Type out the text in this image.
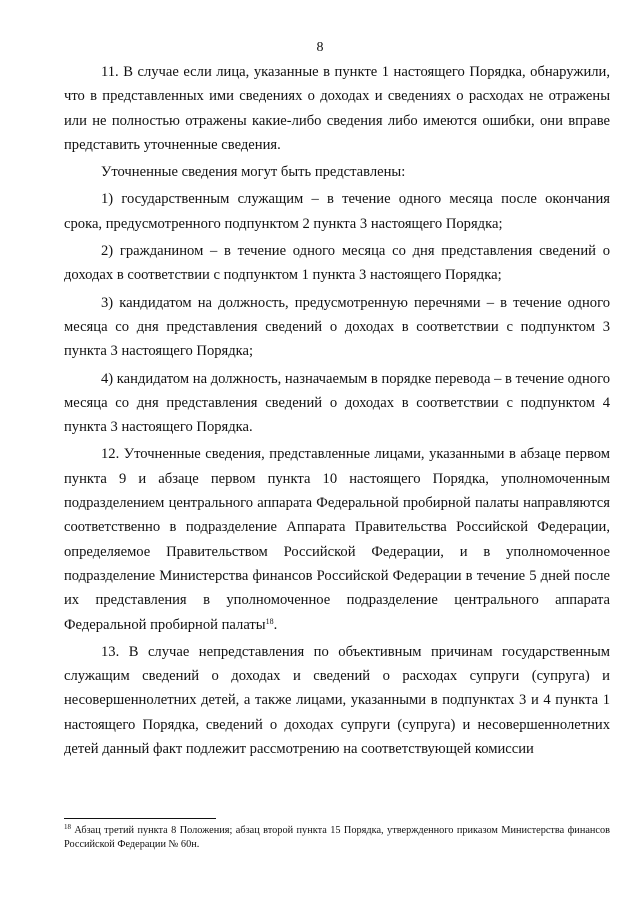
8

11. В случае если лица, указанные в пункте 1 настоящего Порядка, обнаружили, что в представленных ими сведениях о доходах и сведениях о расходах не отражены или не полностью отражены какие-либо сведения либо имеются ошибки, они вправе представить уточненные сведения.

Уточненные сведения могут быть представлены:

1) государственным служащим – в течение одного месяца после окончания срока, предусмотренного подпунктом 2 пункта 3 настоящего Порядка;

2) гражданином – в течение одного месяца со дня представления сведений о доходах в соответствии с подпунктом 1 пункта 3 настоящего Порядка;

3) кандидатом на должность, предусмотренную перечнями – в течение одного месяца со дня представления сведений о доходах в соответствии с подпунктом 3 пункта 3 настоящего Порядка;

4) кандидатом на должность, назначаемым в порядке перевода – в течение одного месяца со дня представления сведений о доходах в соответствии с подпунктом 4 пункта 3 настоящего Порядка.

12. Уточненные сведения, представленные лицами, указанными в абзаце первом пункта 9 и абзаце первом пункта 10 настоящего Порядка, уполномоченным подразделением центрального аппарата Федеральной пробирной палаты направляются соответственно в подразделение Аппарата Правительства Российской Федерации, определяемое Правительством Российской Федерации, и в уполномоченное подразделение Министерства финансов Российской Федерации в течение 5 дней после их представления в уполномоченное подразделение центрального аппарата Федеральной пробирной палаты$^{18}$.

13. В случае непредставления по объективным причинам государственным служащим сведений о доходах и сведений о расходах супруги (супруга) и несовершеннолетних детей, а также лицами, указанными в подпунктах 3 и 4 пункта 1 настоящего Порядка, сведений о доходах супруги (супруга) и несовершеннолетних детей данный факт подлежит рассмотрению на соответствующей комиссии

$^{18}$ Абзац третий пункта 8 Положения; абзац второй пункта 15 Порядка, утвержденного приказом Министерства финансов Российской Федерации № 60н.
